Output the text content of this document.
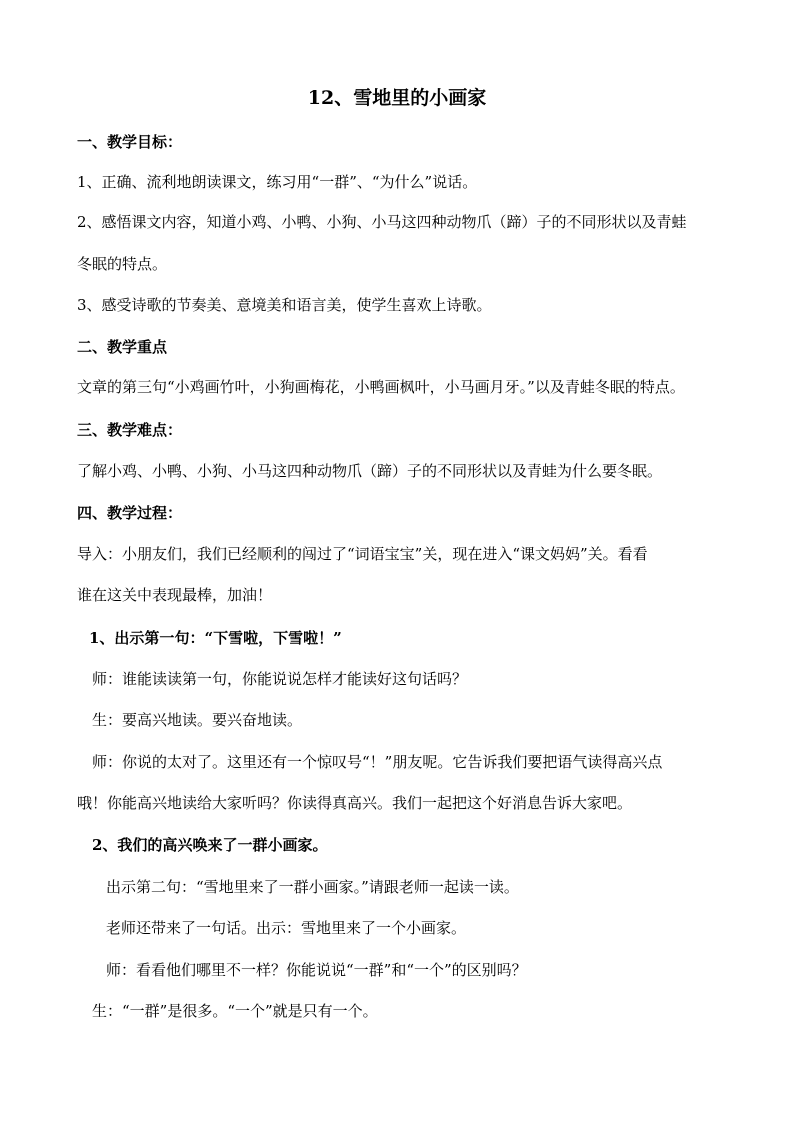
12、雪地里的小画家
一、教学目标：
1、正确、流利地朗读课文，练习用“一群”、“为什么”说话。
2、感悟课文内容，知道小鸡、小鸭、小狗、小马这四种动物爪（蹄）子的不同形状以及青蛙
冬眠的特点。
3、感受诗歌的节奏美、意境美和语言美，使学生喜欢上诗歌。
二、教学重点
文章的第三句“小鸡画竹叶，小狗画梅花，小鸭画枫叶，小马画月牙。”以及青蛙冬眠的特点。
三、教学难点：
了解小鸡、小鸭、小狗、小马这四种动物爪（蹄）子的不同形状以及青蛙为什么要冬眠。
四、教学过程：
导入：小朋友们，我们已经顺利的闯过了“词语宝宝”关，现在进入“课文妈妈”关。看看
谁在这关中表现最棒，加油！
1、出示第一句：“下雪啦，下雪啦！”
师：谁能读读第一句，你能说说怎样才能读好这句话吗？
生：要高兴地读。要兴奋地读。
师：你说的太对了。这里还有一个惊叹号“！”朋友呢。它告诉我们要把语气读得高兴点
哦！你能高兴地读给大家听吗？你读得真高兴。我们一起把这个好消息告诉大家吧。
2、我们的高兴唤来了一群小画家。
出示第二句：“雪地里来了一群小画家。”请跟老师一起读一读。
老师还带来了一句话。出示：雪地里来了一个小画家。
师：看看他们哪里不一样？你能说说“一群”和“一个”的区别吗？
生：“一群”是很多。“一个”就是只有一个。
